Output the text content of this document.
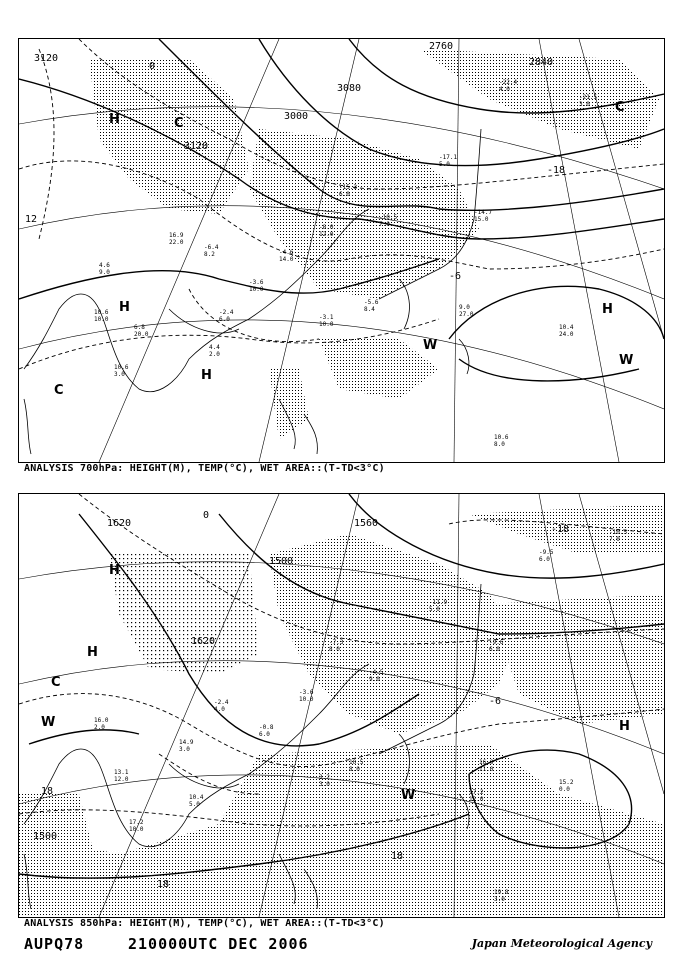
4.6
9.0
16.9
22.0
-6.4
8.2
-3.6
10.0
-4.6
14.0
-8.0
12.0
-15.3
6.0
-10.5
7.0
-17.1
5.0
-14.7
15.0
-2.4
6.0	-3.1
10.0
-5.6
8.4	9.0
27.0
10.4
24.0
10.6
8.0
10.6
10.0
6.8
20.0
4.4
2.0
10.6
3.0
-22.4
4.0
-21.5
3.0
3120
2760
2840
3000
3120
3080
12
-18
0
-6
H	C
H
H
C
W
H
W
C
ANALYSIS 700hPa: HEIGHT(M), TEMP(°C), WET AREA::(T-TD<3°C)
16.0
2.0
14.9
3.0
-2.4
4.0
-0.8
6.0
-3.6
10.0
-7.3
8.0
-4.5
9.0
-11.9
5.0
-9.6
6.0
13.1
12.0
10.4
5.0
3.2
3.0
10.5
8.0
16.0
11.0
17.2
12.0
15.2
0.0
19.8
3.0
17.2
10.0
-9.5
6.0
-10.5
7.0
1620
1500
1560
1620
1500
-18
18
18
18
-6
0
H
H
C
W
W
H
ANALYSIS 850hPa: HEIGHT(M), TEMP(°C), WET AREA::(T-TD<3°C)
AUPQ78	210000UTC DEC 2006	Japan Meteorological Agency
